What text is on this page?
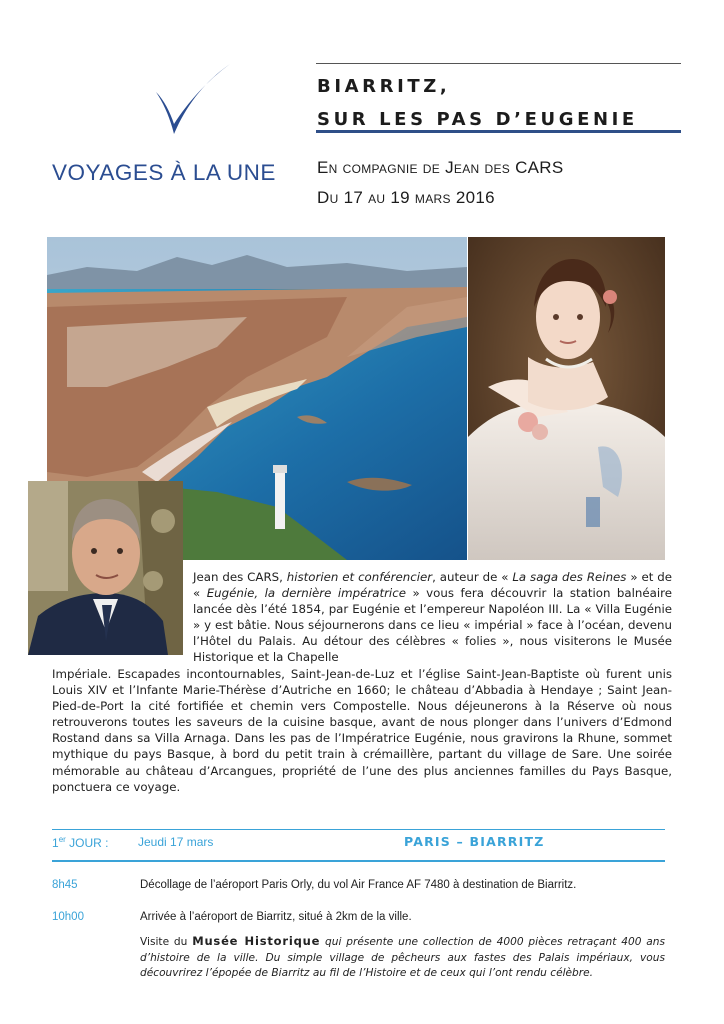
VOYAGES À LA UNE
BIARRITZ,
SUR LES PAS D’EUGENIE
En compagnie de Jean des CARS
Du 17 au 19 mars 2016
Jean des CARS, historien et conférencier, auteur de « La saga des Reines » et de « Eugénie, la dernière impératrice » vous fera découvrir la station balnéaire lancée dès l’été 1854, par Eugénie et l’empereur Napoléon III. La « Villa Eugénie » y est bâtie. Nous séjournerons dans ce lieu « impérial » face à l’océan, devenu l’Hôtel du Palais. Au détour des célèbres « folies », nous visiterons le Musée Historique et la Chapelle
Impériale. Escapades incontournables, Saint-Jean-de-Luz et l’église Saint-Jean-Baptiste où furent unis Louis XIV et l’Infante Marie-Thérèse d’Autriche en 1660; le château d’Abbadia à Hendaye ; Saint Jean-Pied-de-Port la cité fortifiée et chemin vers Compostelle. Nous déjeunerons à la Réserve où nous retrouverons toutes les saveurs de la cuisine basque, avant de nous plonger dans l’univers d’Edmond Rostand dans sa Villa Arnaga. Dans les pas de l’Impératrice Eugénie, nous gravirons la Rhune, sommet mythique du pays Basque, à bord du petit train à crémaillère, partant du village de Sare. Une soirée mémorable au château d’Arcangues, propriété de l’une des plus anciennes familles du Pays Basque, ponctuera ce voyage.
1er JOUR : Jeudi 17 mars	PARIS – BIARRITZ
8h45	Décollage de l’aéroport Paris Orly, du vol Air France AF 7480 à destination de Biarritz.
10h00	Arrivée à l’aéroport de Biarritz, situé à 2km de la ville.
Visite du Musée Historique qui présente une collection de 4000 pièces retraçant 400 ans d’histoire de la ville. Du simple village de pêcheurs aux fastes des Palais impériaux, vous découvrirez l’épopée de Biarritz au fil de l’Histoire et de ceux qui l’ont rendu célèbre.
